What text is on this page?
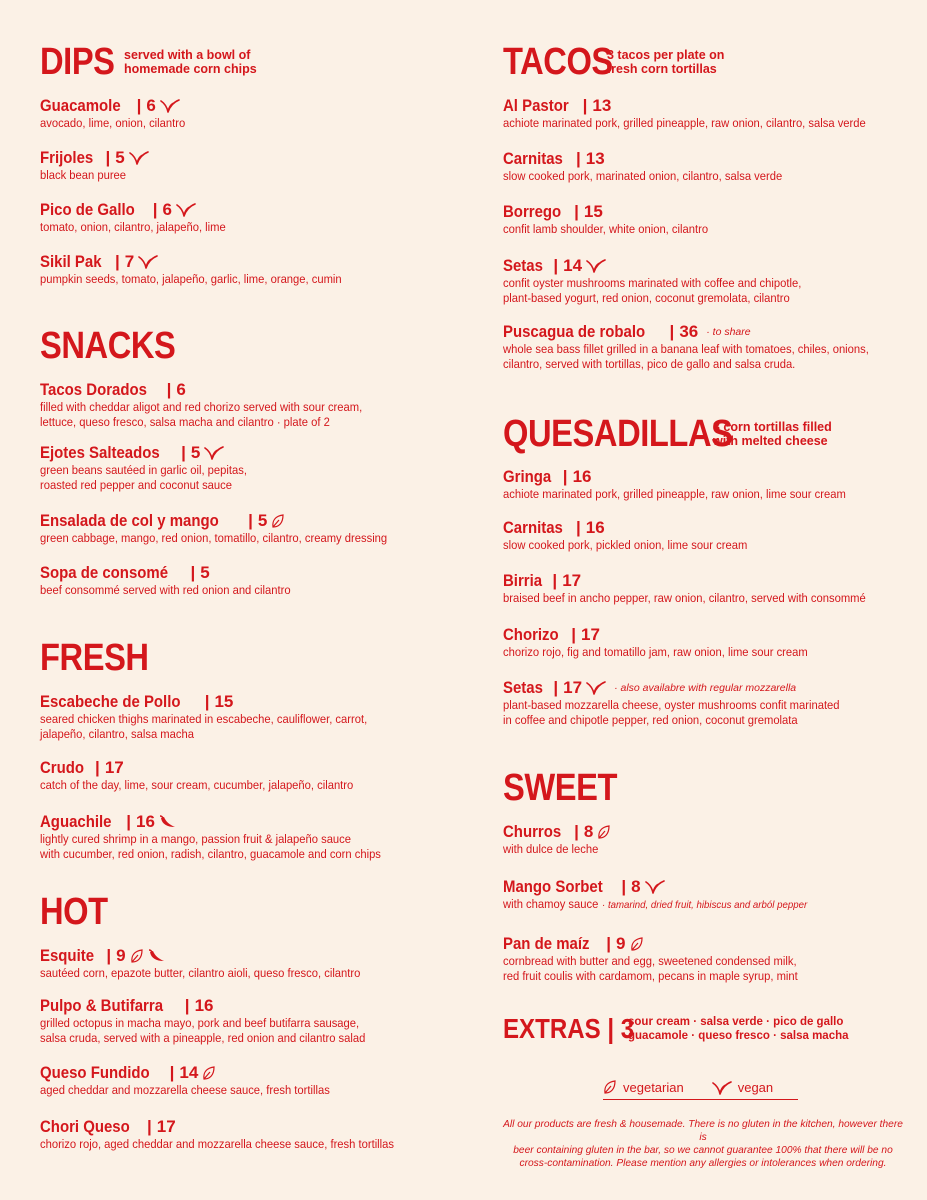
DIPS served with a bowl of
homemade corn chips
Guacamole | 6
avocado, lime, onion, cilantro
Frijoles | 5
black bean puree
Pico de Gallo | 6
tomato, onion, cilantro, jalapeño, lime
Sikil Pak | 7
pumpkin seeds, tomato, jalapeño, garlic, lime, orange, cumin
SNACKS
Tacos Dorados | 6
filled with cheddar aligot and red chorizo served with sour cream,
lettuce, queso fresco, salsa macha and cilantro · plate of 2
Ejotes Salteados | 5
green beans sautéed in garlic oil, pepitas,
roasted red pepper and coconut sauce
Ensalada de col y mango | 5
green cabbage, mango, red onion, tomatillo, cilantro, creamy dressing
Sopa de consomé | 5
beef consommé served with red onion and cilantro
FRESH
Escabeche de Pollo | 15
seared chicken thighs marinated in escabeche, cauliflower, carrot,
jalapeño, cilantro, salsa macha
Crudo | 17
catch of the day, lime, sour cream, cucumber, jalapeño, cilantro
Aguachile | 16
lightly cured shrimp in a mango, passion fruit & jalapeño sauce
with cucumber, red onion, radish, cilantro, guacamole and corn chips
HOT
Esquite | 9
sautéed corn, epazote butter, cilantro aioli, queso fresco, cilantro
Pulpo & Butifarra | 16
grilled octopus in macha mayo, pork and beef butifarra sausage,
salsa cruda, served with a pineapple, red onion and cilantro salad
Queso Fundido | 14
aged cheddar and mozzarella cheese sauce, fresh tortillas
Chori Queso | 17
chorizo rojo, aged cheddar and mozzarella cheese sauce, fresh tortillas
TACOS
3 tacos per plate on
fresh corn tortillas
Al Pastor | 13
achiote marinated pork, grilled pineapple, raw onion, cilantro, salsa verde
Carnitas | 13
slow cooked pork, marinated onion, cilantro, salsa verde
Borrego | 15
confit lamb shoulder, white onion, cilantro
Setas | 14
confit oyster mushrooms marinated with coffee and chipotle,
plant-based yogurt, red onion, coconut gremolata, cilantro
Puscagua de robalo | 36 · to share
whole sea bass fillet grilled in a banana leaf with tomatoes, chiles, onions,
cilantro, served with tortillas, pico de gallo and salsa cruda.
QUESADILLAS
3 corn tortillas filled
with melted cheese
Gringa | 16
achiote marinated pork, grilled pineapple, raw onion, lime sour cream
Carnitas | 16
slow cooked pork, pickled onion, lime sour cream
Birria | 17
braised beef in ancho pepper, raw onion, cilantro, served with consommé
Chorizo | 17
chorizo rojo, fig and tomatillo jam, raw onion, lime sour cream
Setas | 17	· also availabre with regular mozzarella
plant-based mozzarella cheese, oyster mushrooms confit marinated
in coffee and chipotle pepper, red onion, coconut gremolata
SWEET
Churros | 8
with dulce de leche
Mango Sorbet | 8
with chamoy sauce · tamarind, dried fruit, hibiscus and arból pepper
Pan de maíz | 9
cornbread with butter and egg, sweetened condensed milk,
red fruit coulis with cardamom, pecans in maple syrup, mint
EXTRAS | 3
sour cream · salsa verde · pico de gallo
guacamole · queso fresco · salsa macha
vegetarian	vegan
All our products are fresh & housemade. There is no gluten in the kitchen, however there is
beer containing gluten in the bar, so we cannot guarantee 100% that there will be no
cross-contamination. Please mention any allergies or intolerances when ordering.
